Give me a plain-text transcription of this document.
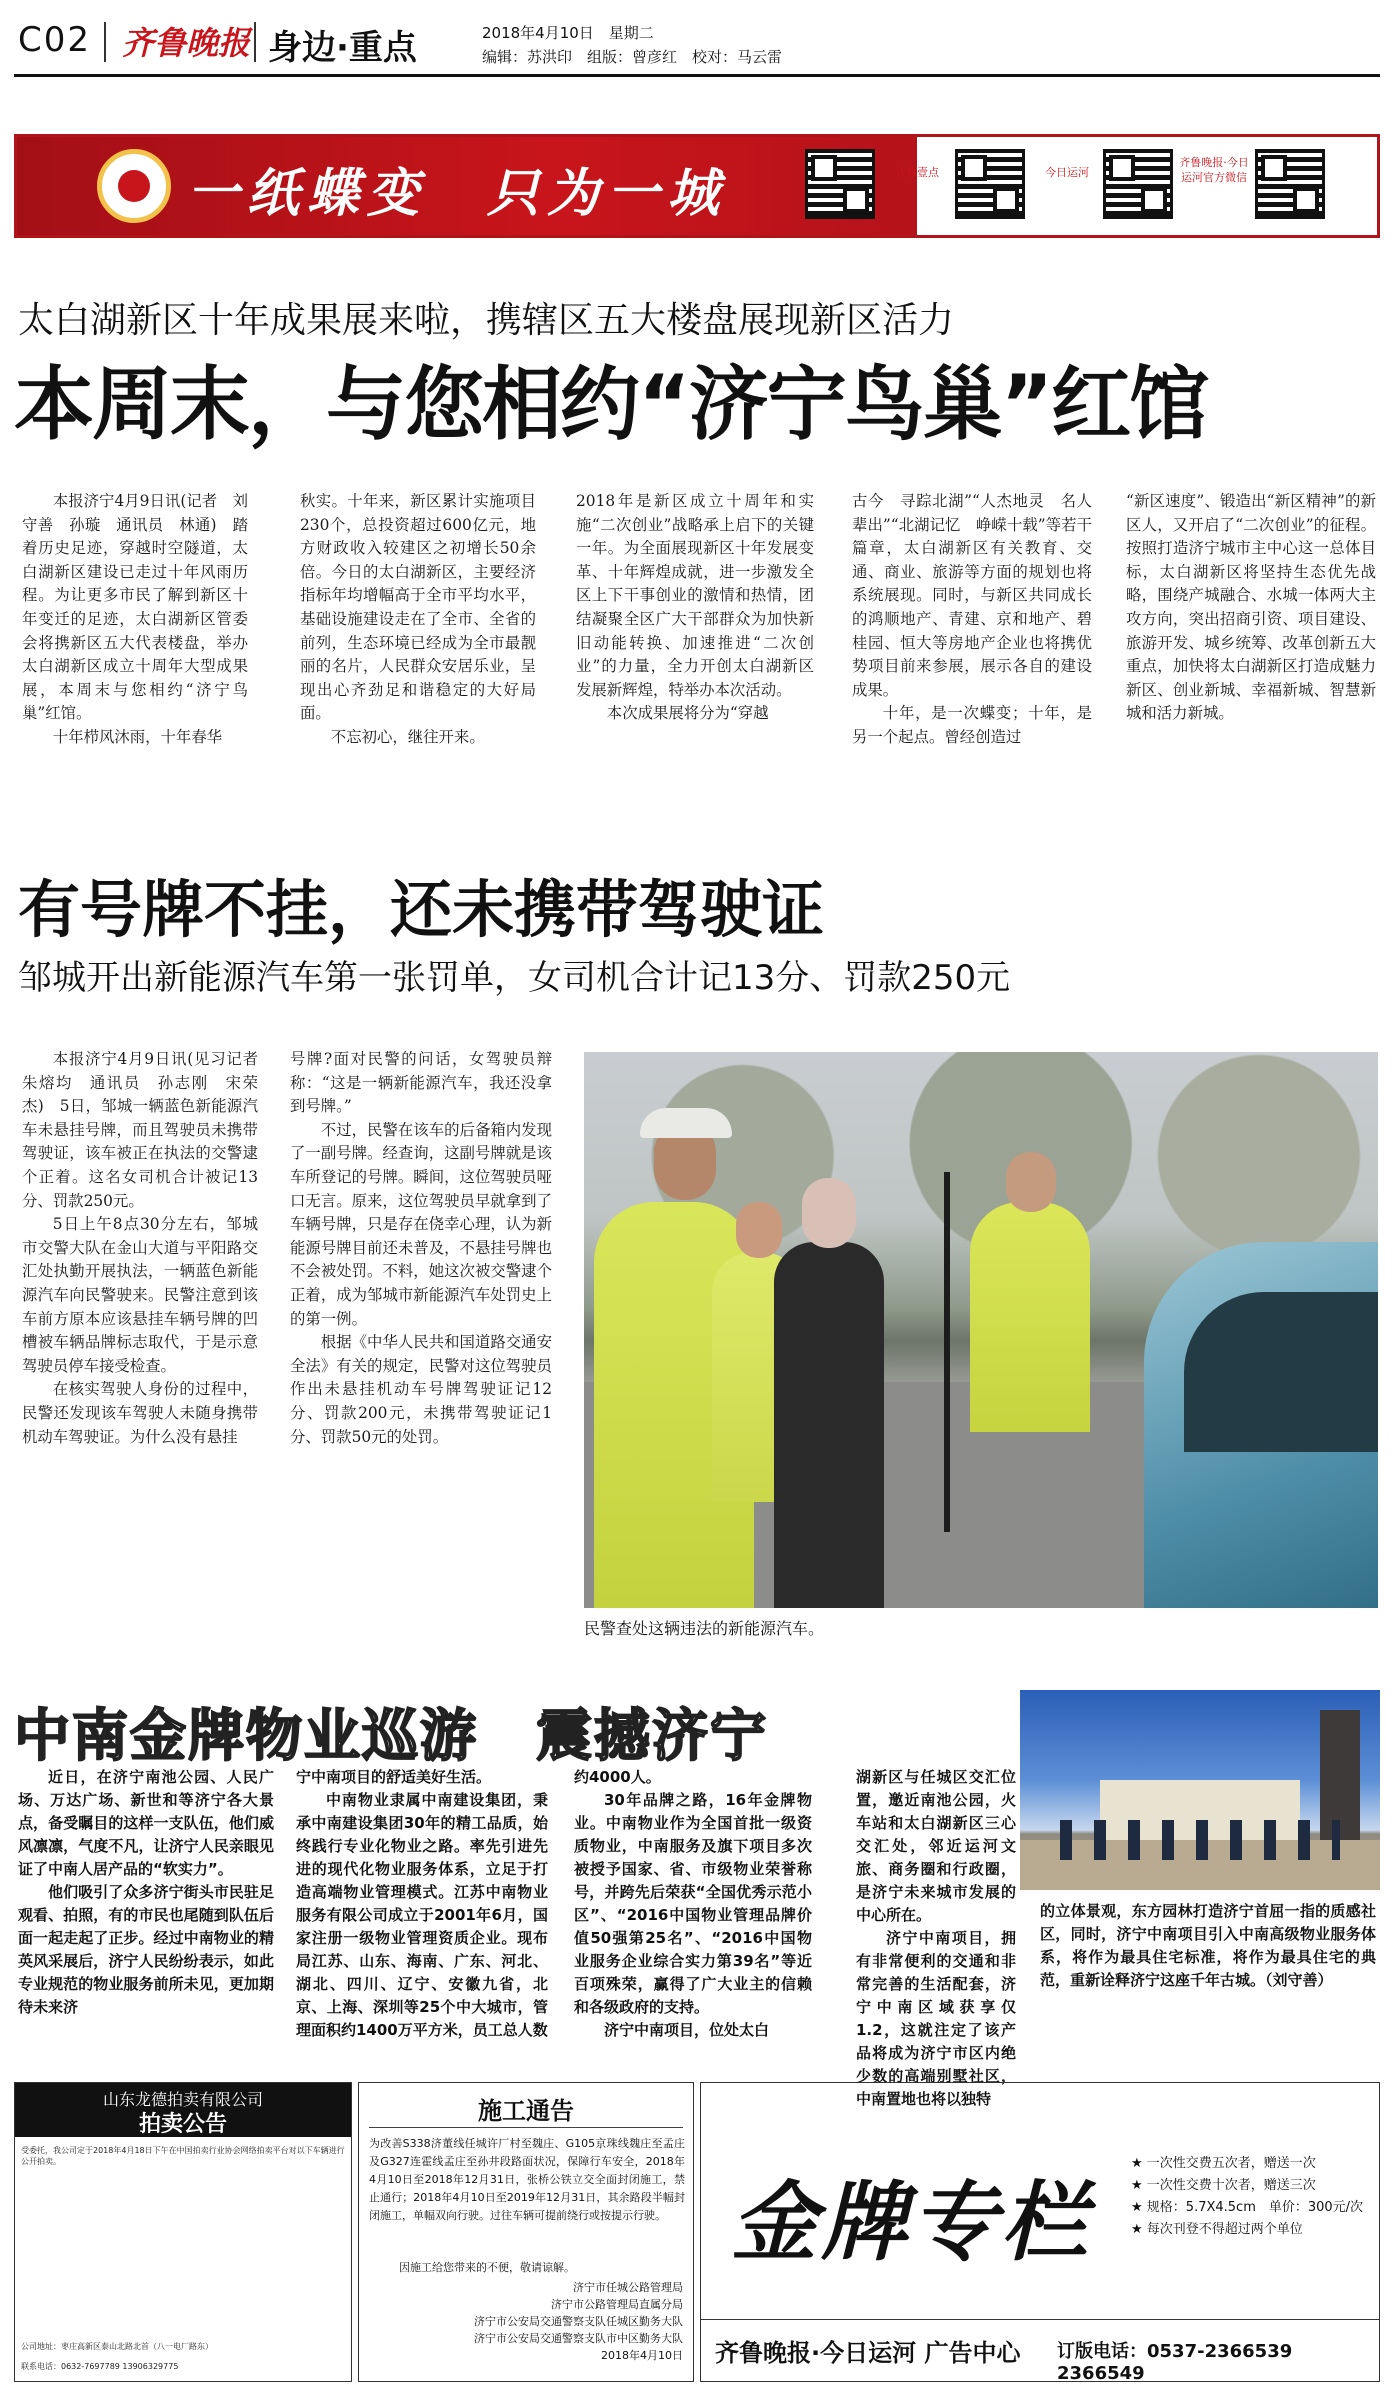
C02 齐鲁晚报 身边·重点	2018年4月10日　星期二
编辑：苏洪印　组版：曾彦红　校对：马云雷
一纸蝶变　只为一城	齐鲁壹点	今日运河
齐鲁晚报·今日运河官方微信
太白湖新区十年成果展来啦，携辖区五大楼盘展现新区活力
本周末，与您相约“济宁鸟巢”红馆

本报济宁4月9日讯(记者　刘守善　孙璇　通讯员　林通)　踏着历史足迹，穿越时空隧道，太白湖新区建设已走过十年风雨历程。为让更多市民了解到新区十年变迁的足迹，太白湖新区管委会将携新区五大代表楼盘，举办太白湖新区成立十周年大型成果展，本周末与您相约“济宁鸟巢”红馆。

十年栉风沐雨，十年春华

秋实。十年来，新区累计实施项目230个，总投资超过600亿元，地方财政收入较建区之初增长50余倍。今日的太白湖新区，主要经济指标年均增幅高于全市平均水平，基础设施建设走在了全市、全省的前列，生态环境已经成为全市最靓丽的名片，人民群众安居乐业，呈现出心齐劲足和谐稳定的大好局面。

不忘初心，继往开来。

2018年是新区成立十周年和实施“二次创业”战略承上启下的关键一年。为全面展现新区十年发展变革、十年辉煌成就，进一步激发全区上下干事创业的激情和热情，团结凝聚全区广大干部群众为加快新旧动能转换、加速推进“二次创业”的力量，全力开创太白湖新区发展新辉煌，特举办本次活动。

本次成果展将分为“穿越

古今　寻踪北湖”“人杰地灵　名人辈出”“北湖记忆　峥嵘十载”等若干篇章，太白湖新区有关教育、交通、商业、旅游等方面的规划也将系统展现。同时，与新区共同成长的鸿顺地产、青建、京和地产、碧桂园、恒大等房地产企业也将携优势项目前来参展，展示各自的建设成果。

十年，是一次蝶变；十年，是另一个起点。曾经创造过

“新区速度”、锻造出“新区精神”的新区人，又开启了“二次创业”的征程。按照打造济宁城市主中心这一总体目标，太白湖新区将坚持生态优先战略，围绕产城融合、水城一体两大主攻方向，突出招商引资、项目建设、旅游开发、城乡统筹、改革创新五大重点，加快将太白湖新区打造成魅力新区、创业新城、幸福新城、智慧新城和活力新城。

有号牌不挂，还未携带驾驶证
邹城开出新能源汽车第一张罚单，女司机合计记13分、罚款250元

本报济宁4月9日讯(见习记者　朱熔均　通讯员　孙志刚　宋荣杰)　5日，邹城一辆蓝色新能源汽车未悬挂号牌，而且驾驶员未携带驾驶证，该车被正在执法的交警逮个正着。这名女司机合计被记13分、罚款250元。

5日上午8点30分左右，邹城市交警大队在金山大道与平阳路交汇处执勤开展执法，一辆蓝色新能源汽车向民警驶来。民警注意到该车前方原本应该悬挂车辆号牌的凹槽被车辆品牌标志取代，于是示意驾驶员停车接受检查。

在核实驾驶人身份的过程中，民警还发现该车驾驶人未随身携带机动车驾驶证。为什么没有悬挂

号牌?面对民警的问话，女驾驶员辩称：“这是一辆新能源汽车，我还没拿到号牌。”

不过，民警在该车的后备箱内发现了一副号牌。经查询，这副号牌就是该车所登记的号牌。瞬间，这位驾驶员哑口无言。原来，这位驾驶员早就拿到了车辆号牌，只是存在侥幸心理，认为新能源号牌目前还未普及，不悬挂号牌也不会被处罚。不料，她这次被交警逮个正着，成为邹城市新能源汽车处罚史上的第一例。

根据《中华人民共和国道路交通安全法》有关的规定，民警对这位驾驶员作出未悬挂机动车号牌驾驶证记12分、罚款200元，未携带驾驶证记1分、罚款50元的处罚。

民警查处这辆违法的新能源汽车。
中南金牌物业巡游　震撼济宁

近日，在济宁南池公园、人民广场、万达广场、新世和等济宁各大景点，备受瞩目的这样一支队伍，他们威风凛凛，气度不凡，让济宁人民亲眼见证了中南人居产品的“软实力”。

他们吸引了众多济宁街头市民驻足观看、拍照，有的市民也尾随到队伍后面一起走起了正步。经过中南物业的精英风采展后，济宁人民纷纷表示，如此专业规范的物业服务前所未见，更加期待未来济

宁中南项目的舒适美好生活。

中南物业隶属中南建设集团，秉承中南建设集团30年的精工品质，始终践行专业化物业之路。率先引进先进的现代化物业服务体系，立足于打造高端物业管理模式。江苏中南物业服务有限公司成立于2001年6月，国家注册一级物业管理资质企业。现布局江苏、山东、海南、广东、河北、湖北、四川、辽宁、安徽九省，北京、上海、深圳等25个中大城市，管理面积约1400万平方米，员工总人数

约4000人。

30年品牌之路，16年金牌物业。中南物业作为全国首批一级资质物业，中南服务及旗下项目多次被授予国家、省、市级物业荣誉称号，并跨先后荣获“全国优秀示范小区”、“2016中国物业管理品牌价值50强第25名”、“2016中国物业服务企业综合实力第39名”等近百项殊荣，赢得了广大业主的信赖和各级政府的支持。

济宁中南项目，位处太白

湖新区与任城区交汇位置，邀近南池公园，火车站和太白湖新区三心交汇处，邻近运河文旅、商务圈和行政圈，是济宁未来城市发展的中心所在。

济宁中南项目，拥有非常便利的交通和非常完善的生活配套，济宁中南区域获享仅1.2，这就注定了该产品将成为济宁市区内绝少数的高端别墅社区，中南置地也将以独特

的立体景观，东方园林打造济宁首屈一指的质感社区，同时，济宁中南项目引入中南高级物业服务体系，将作为最具住宅标准，将作为最具住宅的典范，重新诠释济宁这座千年古城。（刘守善）

山东龙德拍卖有限公司
拍卖公告
受委托，我公司定于2018年4月18日下午在中国拍卖行业协会网络拍卖平台对以下车辆进行公开拍卖。
公司地址：枣庄高新区泰山北路北首（八一电厂路东）
联系电话：0632-7697789 13906329775
施工通告
为改善S338济董线任城许厂村至魏庄、G105京珠线魏庄至孟庄及G327连霍线孟庄至孙井段路面状况，保障行车安全，2018年4月10日至2018年12月31日，张桥公铁立交全面封闭施工，禁止通行；2018年4月10日至2019年12月31日，其余路段半幅封闭施工，单幅双向行驶。过往车辆可提前绕行或按提示行驶。
因施工给您带来的不便，敬请谅解。
济宁市任城公路管理局
济宁市公路管理局直属分局
济宁市公安局交通警察支队任城区勤务大队
济宁市公安局交通警察支队市中区勤务大队
2018年4月10日
金牌专栏
★ 一次性交费五次者，赠送一次
★ 一次性交费十次者，赠送三次
★ 规格：5.7X4.5cm　单价：300元/次
★ 每次刊登不得超过两个单位
齐鲁晚报·今日运河 广告中心 订版电话：0537-2366539 2366549
